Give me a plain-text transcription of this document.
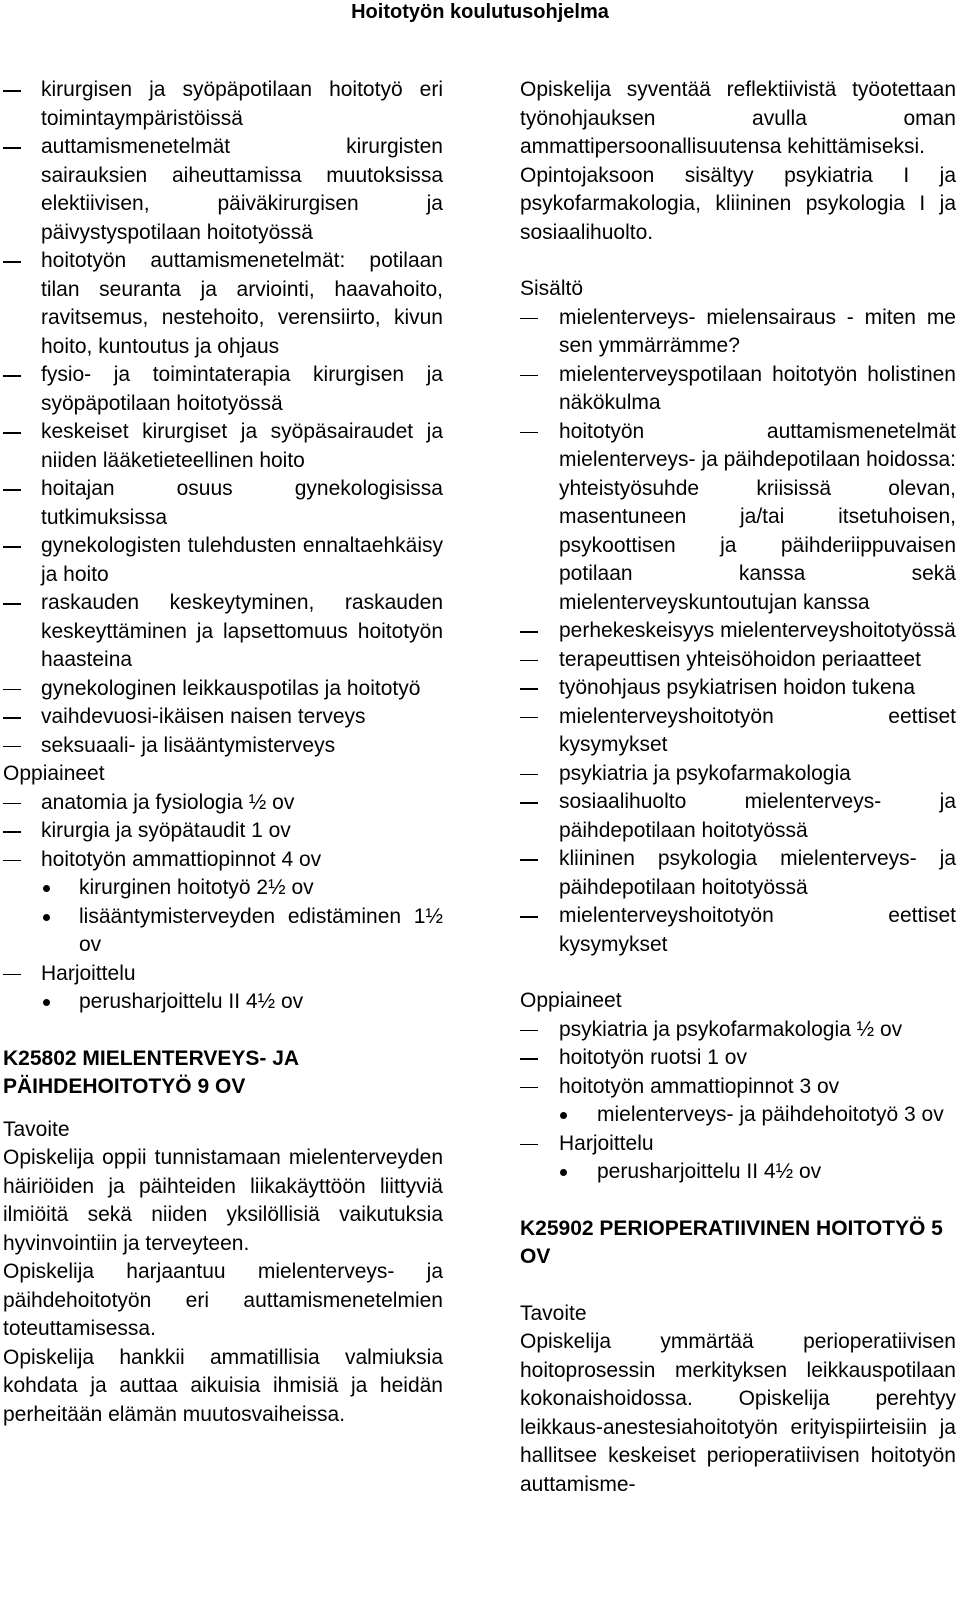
Hoitotyön koulutusohjelma
kirurgisen ja syöpäpotilaan hoitotyö eri toimintaympäristöissä
auttamismenetelmät kirurgisten sairauksien aiheuttamissa muutoksissa elektiivisen, päiväkirurgisen ja päivystyspotilaan hoitotyössä
hoitotyön auttamismenetelmät: potilaan tilan seuranta ja arviointi, haavahoito, ravitsemus, nestehoito, verensiirto, kivun hoito, kuntoutus ja ohjaus
fysio- ja toimintaterapia kirurgisen ja syöpäpotilaan hoitotyössä
keskeiset kirurgiset ja syöpäsairaudet ja niiden lääketieteellinen hoito
hoitajan osuus gynekologisissa tutkimuksissa
gynekologisten tulehdusten ennaltaehkäisy ja hoito
raskauden keskeytyminen, raskauden keskeyttäminen ja lapsettomuus hoitotyön haasteina
gynekologinen leikkauspotilas ja hoitotyö
vaihdevuosi-ikäisen naisen terveys
seksuaali- ja lisääntymisterveys
Oppiaineet
anatomia ja fysiologia ½ ov
kirurgia ja syöpätaudit 1 ov
hoitotyön ammattiopinnot 4 ov
kirurginen hoitotyö 2½ ov
lisääntymisterveyden edistäminen 1½ ov
Harjoittelu
perusharjoittelu II 4½ ov
K25802 MIELENTERVEYS- JA PÄIHDEHOITOTYÖ 9 OV
Tavoite

Opiskelija oppii tunnistamaan mielenterveyden häiriöiden ja päihteiden liikakäyttöön liittyviä ilmiöitä sekä niiden yksilöllisiä vaikutuksia hyvinvointiin ja terveyteen.

Opiskelija harjaantuu mielenterveys- ja päihdehoitotyön eri auttamismenetelmien toteuttamisessa.

Opiskelija hankkii ammatillisia valmiuksia kohdata ja auttaa aikuisia ihmisiä ja heidän perheitään elämän muutosvaiheissa.

Opiskelija syventää reflektiivistä työotettaan työnohjauksen avulla oman ammattipersoonallisuutensa kehittämiseksi.

Opintojaksoon sisältyy psykiatria I ja psykofarmakologia, kliininen psykologia I ja sosiaalihuolto.

Sisältö
mielenterveys- mielensairaus - miten me sen ymmärrämme?
mielenterveyspotilaan hoitotyön holistinen näkökulma
hoitotyön auttamismenetelmät mielenterveys- ja päihdepotilaan hoidossa: yhteistyösuhde kriisissä olevan, masentuneen ja/tai itsetuhoisen, psykoottisen ja päihderiippuvaisen potilaan kanssa sekä mielenterveyskuntoutujan kanssa
perhekeskeisyys mielenterveyshoitotyössä
terapeuttisen yhteisöhoidon periaatteet
työnohjaus psykiatrisen hoidon tukena
mielenterveyshoitotyön eettiset kysymykset
psykiatria ja psykofarmakologia
sosiaalihuolto mielenterveys- ja päihdepotilaan hoitotyössä
kliininen psykologia mielenterveys- ja päihdepotilaan hoitotyössä
mielenterveyshoitotyön eettiset kysymykset
Oppiaineet
psykiatria ja psykofarmakologia ½ ov
hoitotyön ruotsi 1 ov
hoitotyön ammattiopinnot 3 ov
mielenterveys- ja päihdehoitotyö 3 ov
Harjoittelu
perusharjoittelu II 4½ ov
K25902 PERIOPERATIIVINEN HOITOTYÖ 5 OV
Tavoite

Opiskelija ymmärtää perioperatiivisen hoitoprosessin merkityksen leikkauspotilaan kokonaishoidossa. Opiskelija perehtyy leikkaus-anestesiahoitotyön erityispiirteisiin ja hallitsee keskeiset perioperatiivisen hoitotyön auttamisme-
